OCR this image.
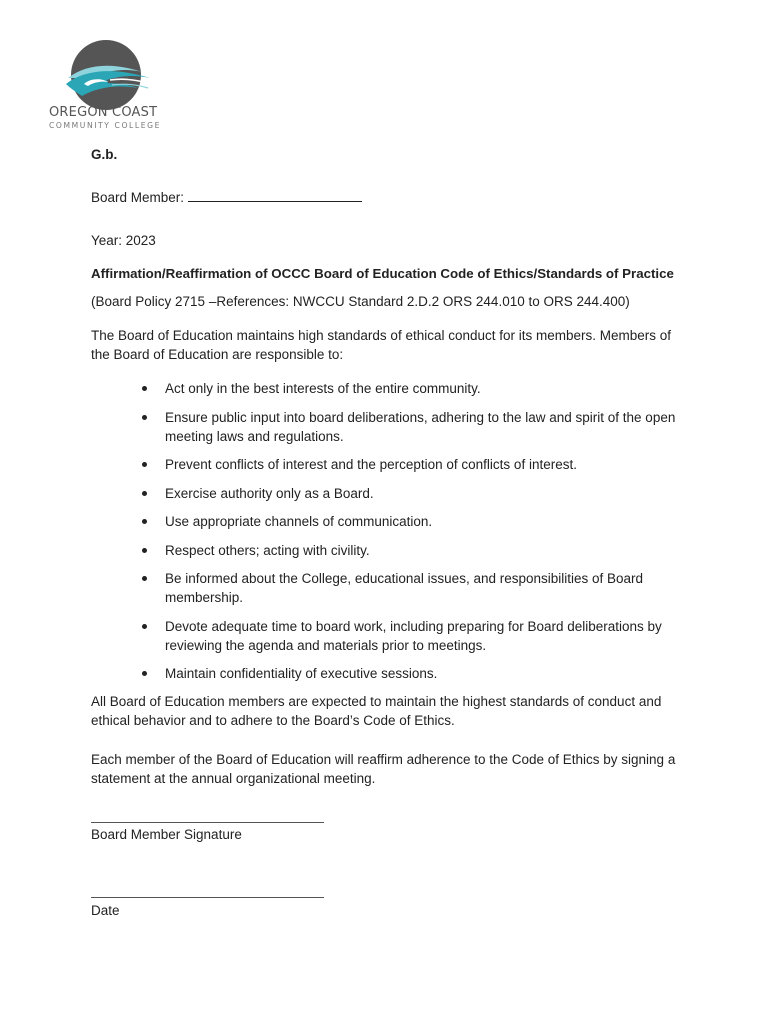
OREGON COAST
COMMUNITY COLLEGE
G.b.
Board Member:
Year: 2023
Affirmation/Reaffirmation of OCCC Board of Education Code of Ethics/Standards of Practice
(Board Policy 2715 –References: NWCCU Standard 2.D.2 ORS 244.010 to ORS 244.400)
The Board of Education maintains high standards of ethical conduct for its members. Members of the Board of Education are responsible to:
Act only in the best interests of the entire community.
Ensure public input into board deliberations, adhering to the law and spirit of the open meeting laws and regulations.
Prevent conflicts of interest and the perception of conflicts of interest.
Exercise authority only as a Board.
Use appropriate channels of communication.
Respect others; acting with civility.
Be informed about the College, educational issues, and responsibilities of Board membership.
Devote adequate time to board work, including preparing for Board deliberations by reviewing the agenda and materials prior to meetings.
Maintain confidentiality of executive sessions.
All Board of Education members are expected to maintain the highest standards of conduct and ethical behavior and to adhere to the Board’s Code of Ethics.
Each member of the Board of Education will reaffirm adherence to the Code of Ethics by signing a statement at the annual organizational meeting.
Board Member Signature
Date
